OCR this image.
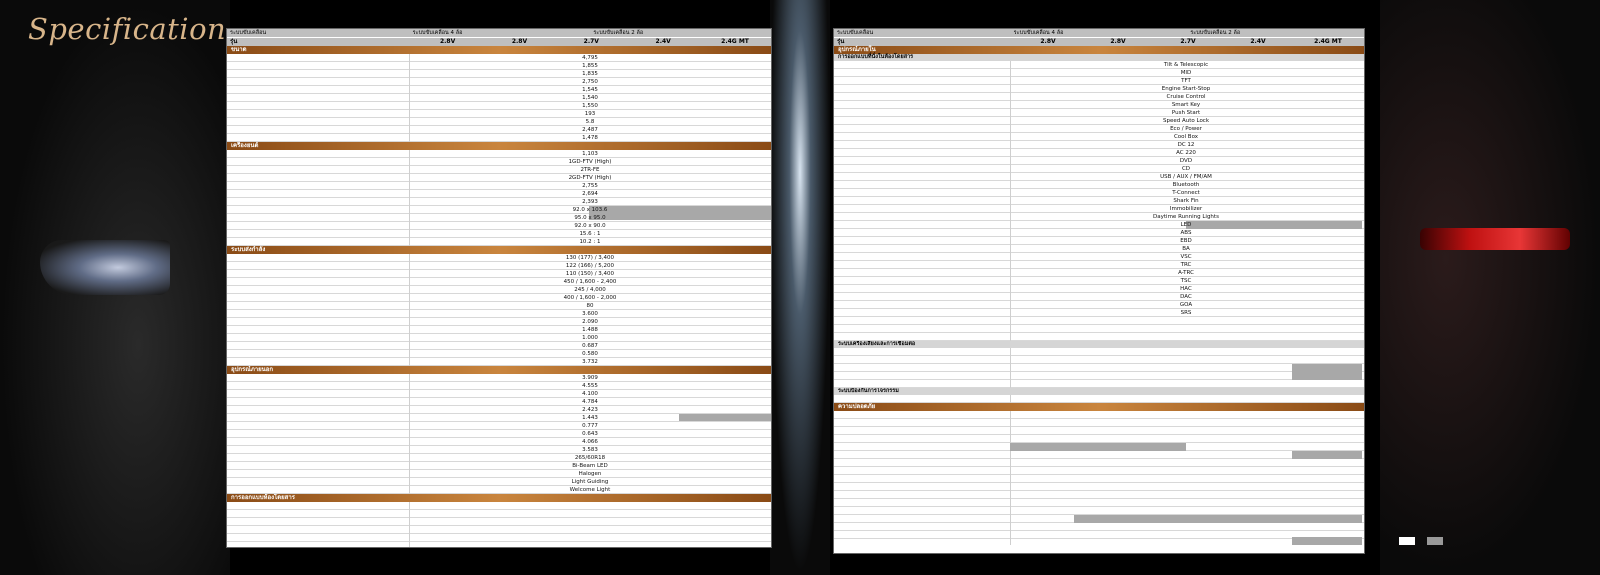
Specification ระบบขับเคลื่อน	ระบบขับเคลื่อน 4 ล้อ	ระบบขับเคลื่อน 2 ล้อ
รุ่น	2.8V	2.8V	2.7V	2.4V	2.4G MT
ขนาด
4,795
1,855
1,835
2,750
1,545
1,540
1,550
193
5.8
2,487
1,478
เครื่องยนต์
1,103
1GD-FTV (High)
2TR-FE
2GD-FTV (High)
2,755
2,694
2,393
92.0 x 103.6
95.0 x 95.0
92.0 x 90.0
15.6 : 1
10.2 : 1
ระบบส่งกำลัง
130 (177) / 3,400
122 (166) / 5,200
110 (150) / 3,400
450 / 1,600 - 2,400
245 / 4,000
400 / 1,600 - 2,000
80
3.600
2.090
1.488
1.000
0.687
0.580
3.732
อุปกรณ์ภายนอก
3.909
4.555
4.100
4.784
2.423
1.443
0.777
0.643
4.066
3.583
265/60R18
Bi-Beam LED
Halogen
Light Guiding
Welcome Light
การออกแบบห้องโดยสาร
ระบบขับเคลื่อน	ระบบขับเคลื่อน 4 ล้อ	ระบบขับเคลื่อน 2 ล้อ
รุ่น	2.8V	2.8V	2.7V	2.4V	2.4G MT
อุปกรณ์ภายใน
การออกแบบที่นั่งในห้องโดยสาร
Tilt & Telescopic
MID
TFT
Engine Start-Stop
Cruise Control
Smart Key
Push Start
Speed Auto Lock
Eco / Power
Cool Box
DC 12
AC 220
DVD
CD
USB / AUX / FM/AM
Bluetooth
T-Connect
Shark Fin
Immobilizer
Daytime Running Lights
LED
ABS
EBD
BA
VSC
TRC
A-TRC
TSC
HAC
DAC
GOA
SRS
ระบบเครื่องเสียงและการเชื่อมต่อ
ระบบป้องกันการโจรกรรม
ความปลอดภัย
